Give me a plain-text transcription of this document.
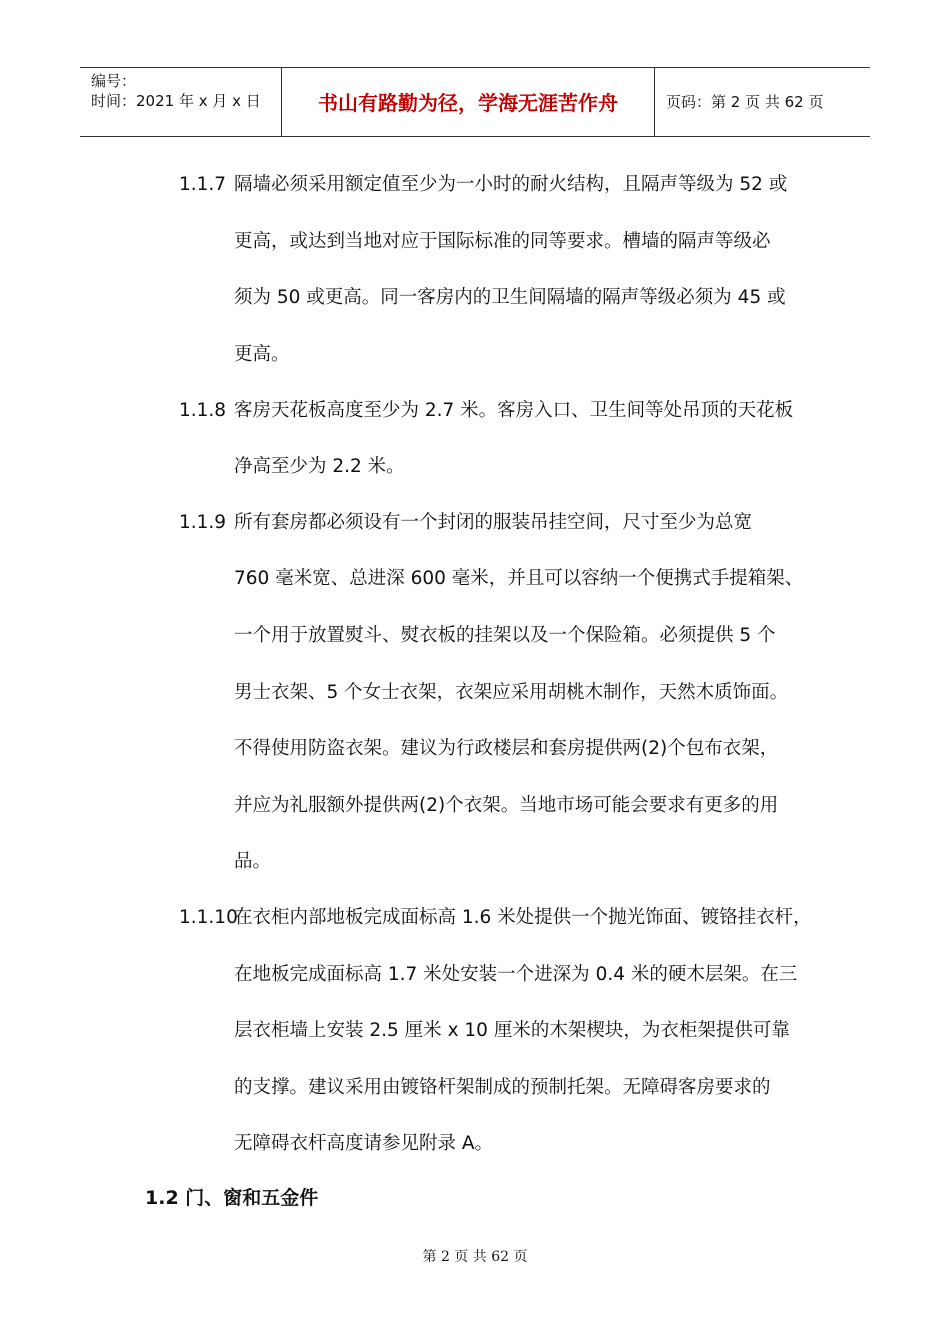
编号：
时间：2021 年 x 月 x 日	书山有路勤为径，学海无涯苦作舟	页码：第 2 页 共 62 页
1.1.7 隔墙必须采用额定值至少为一小时的耐火结构，且隔声等级为 52 或
更高，或达到当地对应于国际标准的同等要求。槽墙的隔声等级必
须为 50 或更高。同一客房内的卫生间隔墙的隔声等级必须为 45 或
更高。
1.1.8 客房天花板高度至少为 2.7 米。客房入口、卫生间等处吊顶的天花板
净高至少为 2.2 米。
1.1.9 所有套房都必须设有一个封闭的服装吊挂空间，尺寸至少为总宽
760 毫米宽、总进深 600 毫米，并且可以容纳一个便携式手提箱架、
一个用于放置熨斗、熨衣板的挂架以及一个保险箱。必须提供 5 个
男士衣架、5 个女士衣架，衣架应采用胡桃木制作，天然木质饰面。
不得使用防盗衣架。建议为行政楼层和套房提供两(2)个包布衣架，
并应为礼服额外提供两(2)个衣架。当地市场可能会要求有更多的用
品。
1.1.10
在衣柜内部地板完成面标高 1.6 米处提供一个抛光饰面、镀铬挂衣杆，
在地板完成面标高 1.7 米处安装一个进深为 0.4 米的硬木层架。在三
层衣柜墙上安装 2.5 厘米 x 10 厘米的木架楔块，为衣柜架提供可靠
的支撑。建议采用由镀铬杆架制成的预制托架。无障碍客房要求的
无障碍衣杆高度请参见附录 A。
1.2 门、窗和五金件
第 2 页 共 62 页
